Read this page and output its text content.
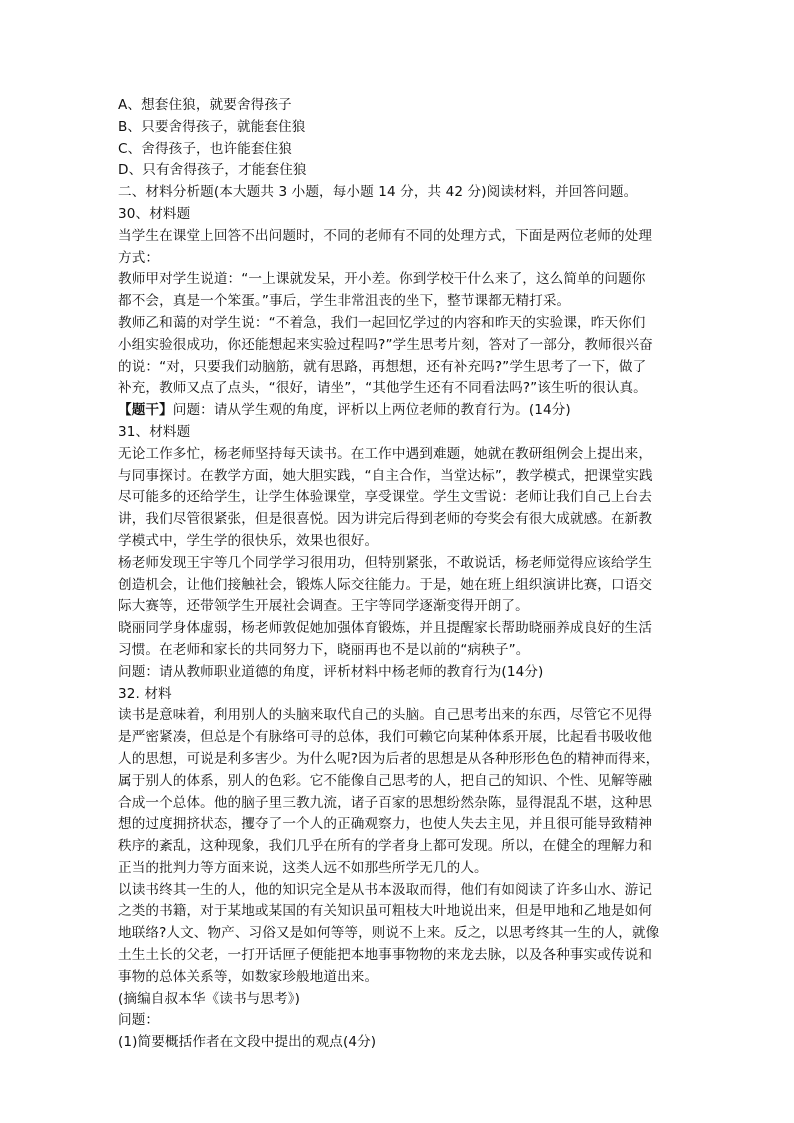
A、想套住狼，就要舍得孩子
B、只要舍得孩子，就能套住狼
C、舍得孩子，也许能套住狼
D、只有舍得孩子，才能套住狼
二、材料分析题(本大题共 3 小题，每小题 14 分，共 42 分)阅读材料，并回答问题。
30、材料题
当学生在课堂上回答不出问题时，不同的老师有不同的处理方式，下面是两位老师的处理
方式：
教师甲对学生说道：“一上课就发呆，开小差。你到学校干什么来了，这么简单的问题你
都不会，真是一个笨蛋。”事后，学生非常沮丧的坐下，整节课都无精打采。
教师乙和蔼的对学生说：“不着急，我们一起回忆学过的内容和昨天的实验课，昨天你们
小组实验很成功，你还能想起来实验过程吗?”学生思考片刻，答对了一部分，教师很兴奋
的说：“对，只要我们动脑筋，就有思路，再想想，还有补充吗?”学生思考了一下，做了
补充，教师又点了点头，“很好，请坐”，“其他学生还有不同看法吗?”该生听的很认真。
【题干】问题：请从学生观的角度，评析以上两位老师的教育行为。(14分)
31、材料题
无论工作多忙，杨老师坚持每天读书。在工作中遇到难题，她就在教研组例会上提出来，
与同事探讨。在教学方面，她大胆实践，“自主合作，当堂达标”，教学模式，把课堂实践
尽可能多的还给学生，让学生体验课堂，享受课堂。学生文雪说：老师让我们自己上台去
讲，我们尽管很紧张，但是很喜悦。因为讲完后得到老师的夸奖会有很大成就感。在新教
学模式中，学生学的很快乐，效果也很好。
杨老师发现王宇等几个同学学习很用功，但特别紧张，不敢说话，杨老师觉得应该给学生
创造机会，让他们接触社会，锻炼人际交往能力。于是，她在班上组织演讲比赛，口语交
际大赛等，还带领学生开展社会调查。王宇等同学逐渐变得开朗了。
晓丽同学身体虚弱，杨老师敦促她加强体育锻炼，并且提醒家长帮助晓丽养成良好的生活
习惯。在老师和家长的共同努力下，晓丽再也不是以前的“病秧子”。
问题：请从教师职业道德的角度，评析材料中杨老师的教育行为(14分)
32. 材料
读书是意味着，利用别人的头脑来取代自己的头脑。自己思考出来的东西，尽管它不见得
是严密紧凑，但总是个有脉络可寻的总体，我们可赖它向某种体系开展，比起看书吸收他
人的思想，可说是利多害少。为什么呢?因为后者的思想是从各种形形色色的精神而得来，
属于别人的体系，别人的色彩。它不能像自己思考的人，把自己的知识、个性、见解等融
合成一个总体。他的脑子里三教九流，诸子百家的思想纷然杂陈，显得混乱不堪，这种思
想的过度拥挤状态，攫夺了一个人的正确观察力，也使人失去主见，并且很可能导致精神
秩序的紊乱，这种现象，我们几乎在所有的学者身上都可发现。所以，在健全的理解力和
正当的批判力等方面来说，这类人远不如那些所学无几的人。
以读书终其一生的人，他的知识完全是从书本汲取而得，他们有如阅读了许多山水、游记
之类的书籍，对于某地或某国的有关知识虽可粗枝大叶地说出来，但是甲地和乙地是如何
地联络?人文、物产、习俗又是如何等等，则说不上来。反之，以思考终其一生的人，就像
土生土长的父老，一打开话匣子便能把本地事事物物的来龙去脉，以及各种事实或传说和
事物的总体关系等，如数家珍般地道出来。
(摘编自叔本华《读书与思考》)
问题：
(1)简要概括作者在文段中提出的观点(4分)
